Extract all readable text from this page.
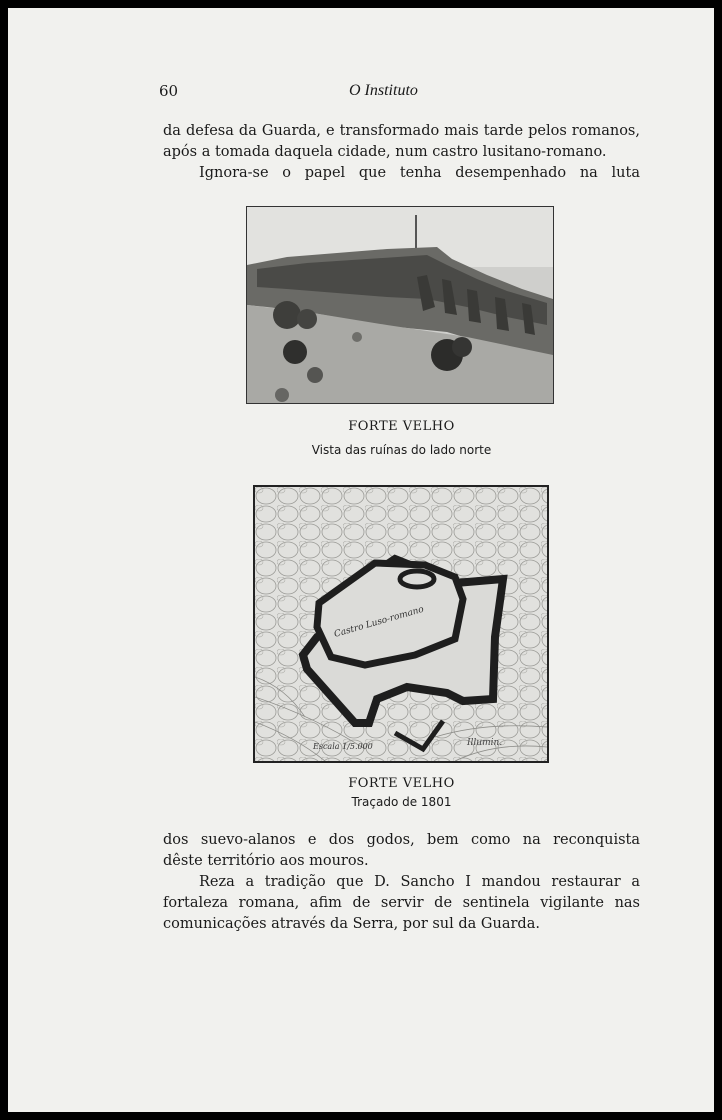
60	O Instituto
da defesa da Guarda, e transformado mais tarde pelos romanos,
após a tomada daquela cidade, num castro lusitano-romano.
Ignora-se o papel que tenha desempenhado na luta
FORTE VELHO
Vista das ruínas do lado norte
Castro Luso-romano
Escala 1/5.000	Illumin.
FORTE VELHO
Traçado de 1801
dos suevo-alanos e dos godos, bem como na reconquista
dêste território aos mouros.
Reza a tradição que D. Sancho I mandou restaurar a
fortaleza romana, afim de servir de sentinela vigilante nas
comunicações através da Serra, por sul da Guarda.
